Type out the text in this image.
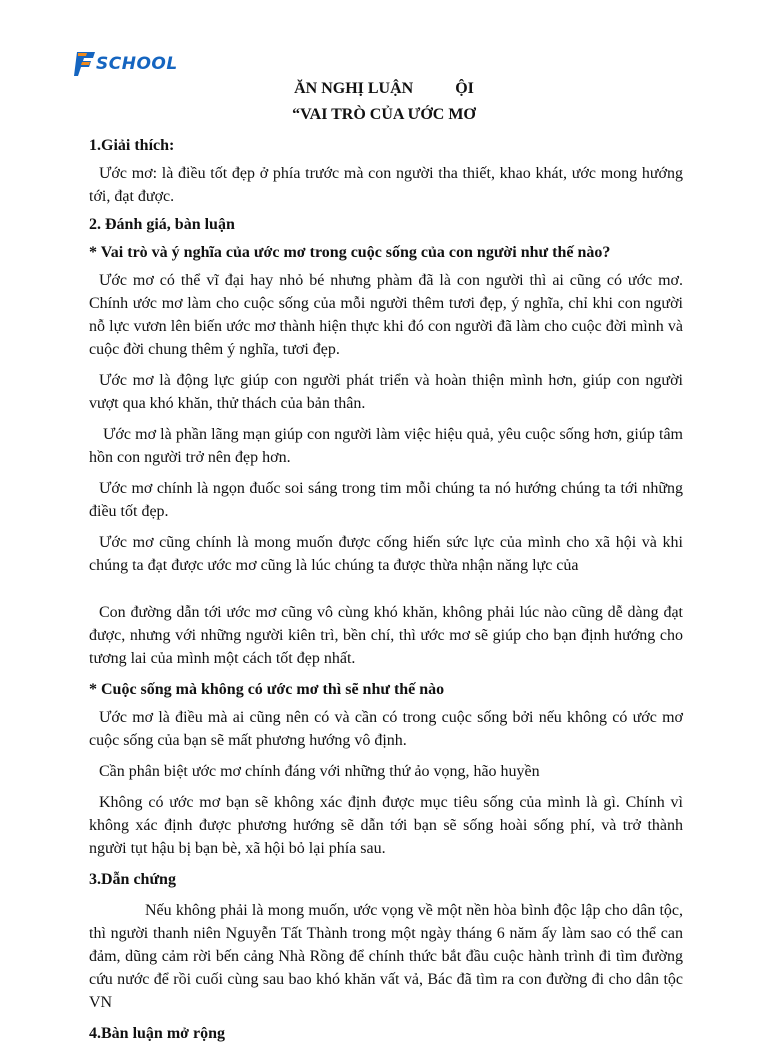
SCHOOL
ĂN NGHỊ LUẬN	ỘI
“VAI TRÒ CỦA ƯỚC MƠ

1.Giải thích:

Ước mơ: là điều tốt đẹp ở phía trước mà con người tha thiết, khao khát, ước mong hướng tới, đạt được.

2. Đánh giá, bàn luận

* Vai trò và ý nghĩa của ước mơ trong cuộc sống của con người như thế nào?

Ước mơ có thể vĩ đại hay nhỏ bé nhưng phàm đã là con người thì ai cũng có ước mơ. Chính ước mơ làm cho cuộc sống của mỗi người thêm tươi đẹp, ý nghĩa, chỉ khi con người nỗ lực vươn lên biến ước mơ thành hiện thực khi đó con người đã làm cho cuộc đời mình và cuộc đời chung thêm ý nghĩa, tươi đẹp.

Ước mơ là động lực giúp con người phát triển và hoàn thiện mình hơn, giúp con người vượt qua khó khăn, thử thách của bản thân.

Ước mơ là phần lãng mạn giúp con người làm việc hiệu quả, yêu cuộc sống hơn, giúp tâm hồn con người trở nên đẹp hơn.

Ước mơ chính là ngọn đuốc soi sáng trong tim mỗi chúng ta nó hướng chúng ta tới những điều tốt đẹp.

Ước mơ cũng chính là mong muốn được cống hiến sức lực của mình cho xã hội và khi chúng ta đạt được ước mơ cũng là lúc chúng ta được thừa nhận năng lực của

Con đường dẫn tới ước mơ cũng vô cùng khó khăn, không phải lúc nào cũng dễ dàng đạt được, nhưng với những người kiên trì, bền chí, thì ước mơ sẽ giúp cho bạn định hướng cho tương lai của mình một cách tốt đẹp nhất.

* Cuộc sống mà không có ước mơ thì sẽ như thế nào

Ước mơ là điều mà ai cũng nên có và cần có trong cuộc sống bởi nếu không có ước mơ cuộc sống của bạn sẽ mất phương hướng vô định.

Cần phân biệt ước mơ chính đáng với những thứ ảo vọng, hão huyền

Không có ước mơ bạn sẽ không xác định được mục tiêu sống của mình là gì. Chính vì không xác định được phương hướng sẽ dẫn tới bạn sẽ sống hoài sống phí, và trở thành người tụt hậu bị bạn bè, xã hội bỏ lại phía sau.

3.Dẫn chứng

Nếu không phải là mong muốn, ước vọng về một nền hòa bình độc lập cho dân tộc, thì người thanh niên Nguyễn Tất Thành trong một ngày tháng 6 năm ấy làm sao có thể can đảm, dũng cảm rời bến cảng Nhà Rồng để chính thức bắt đầu cuộc hành trình đi tìm đường cứu nước để rồi cuối cùng sau bao khó khăn vất vả, Bác đã tìm ra con đường đi cho dân tộc VN

4.Bàn luận mở rộng
